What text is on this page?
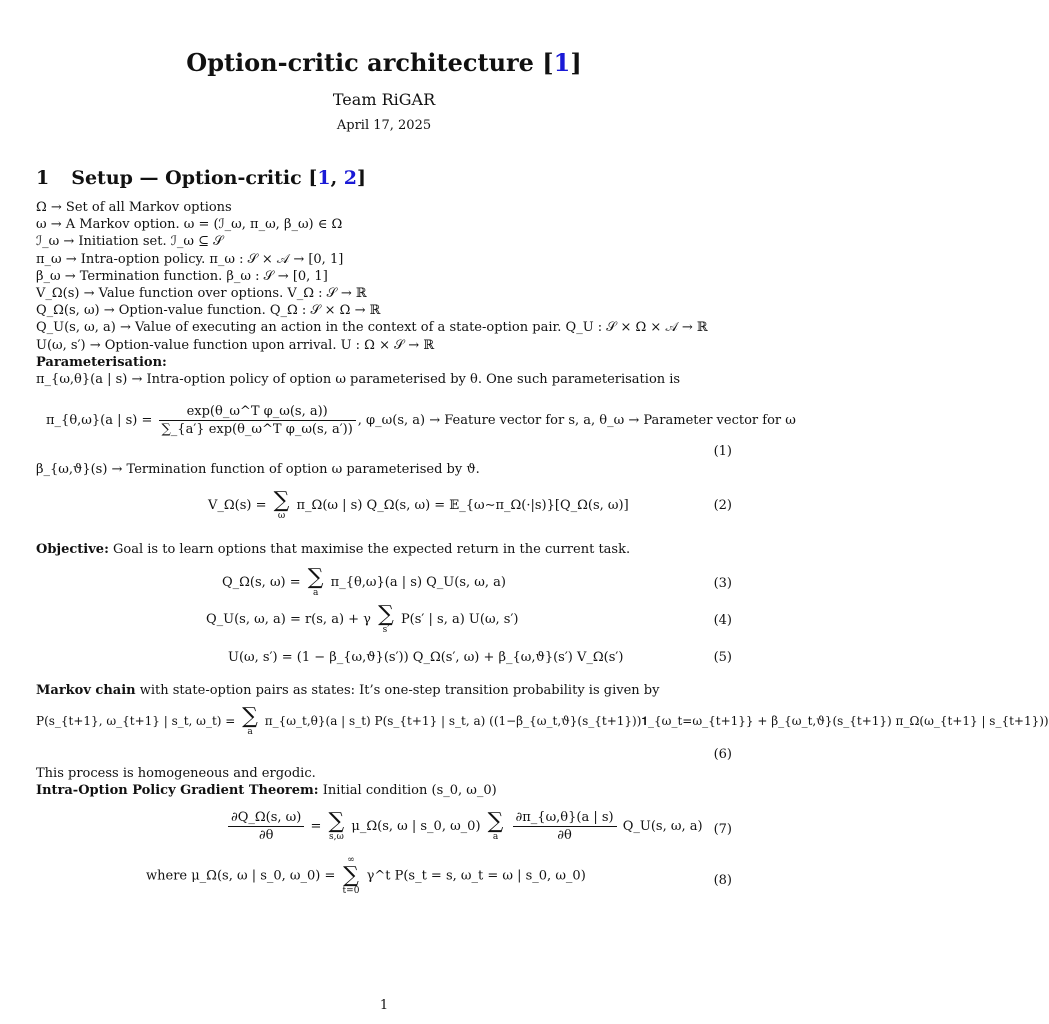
Option-critic architecture [1]
Team RiGAR
April 17, 2025
1 Setup — Option-critic [1, 2]
Ω → Set of all Markov options
ω → A Markov option. ω = (ℐ_ω, π_ω, β_ω) ∈ Ω
ℐ_ω → Initiation set. ℐ_ω ⊆ 𝒮
π_ω → Intra-option policy. π_ω : 𝒮 × 𝒜 → [0, 1]
β_ω → Termination function. β_ω : 𝒮 → [0, 1]
V_Ω(s) → Value function over options. V_Ω : 𝒮 → ℝ
Q_Ω(s, ω) → Option-value function. Q_Ω : 𝒮 × Ω → ℝ
Q_U(s, ω, a) → Value of executing an action in the context of a state-option pair. Q_U : 𝒮 × Ω × 𝒜 → ℝ
U(ω, s′) → Option-value function upon arrival. U : Ω × 𝒮 → ℝ
Parameterisation:
π_{ω,θ}(a | s) → Intra-option policy of option ω parameterised by θ. One such parameterisation is
π_{θ,ω}(a | $s) = \frac{\text{exp(θ\_ω\textasciicircum{}T φ\_ω(s, a))}}{\text{∑\_\{a′\} exp(θ\_ω\textasciicircum{}T φ\_ω(s, a′))}}$ , φ_ω(s, a) → Feature vector for s, a, θ_ω → Parameter vector for ω
(1)
β_{ω,ϑ}(s) → Termination function of option ω parameterised by ϑ.
V_Ω(s) = ∑
ω
π_Ω(ω | s) Q_Ω(s, ω) = 𝔼_{ω∼π_Ω(·|s)}[Q_Ω(s, ω)]	(2)
Objective: Goal is to learn options that maximise the expected return in the current task.
Q_Ω(s, ω) = ∑
a
π_{θ,ω}(a | s) Q_U(s, ω, a)	(3)
Q_U(s, ω, a) = r(s, a) + γ ∑
s′
P(s′ | s, a) U(ω, s′)	(4)
U(ω, s′) = (1 − β_{ω,ϑ}(s′)) Q_Ω(s′, ω) + β_{ω,ϑ}(s′) V_Ω(s′)	(5)
Markov chain with state-option pairs as states: It’s one-step transition probability is given by
P(s_{t+1}, ω_{t+1} | s_t, ω_t) = ∑
a
π_{ω_t,θ}(a | s_t) P(s_{t+1} | s_t, a) ((1−β_{ω_t,ϑ}(s_{t+1}))𝟏_{ω_t=ω_{t+1}} + β_{ω_t,ϑ}(s_{t+1}) π_Ω(ω_{t+1} | s_{t+1}))
(6)
This process is homogeneous and ergodic.
Intra-Option Policy Gradient Theorem: Initial condition (s_0, ω_0)
$\frac{\partial Q\_\Omega(s, \omega)}{\partial\theta}$ = ∑
s,ω
μ_Ω(s, ω | s_0, ω_0) ∑
a
	$\frac{\partial\pi\_\{\omega,\theta\}(a | s)}{\partial\theta}$ Q_U(s, ω, a) (7)
where μ_Ω(s, ω | s_0, ω_0) =
∞
∑
t=0
γ^t P(s_t = s, ω_t = ω | s_0, ω_0)	(8)
1
